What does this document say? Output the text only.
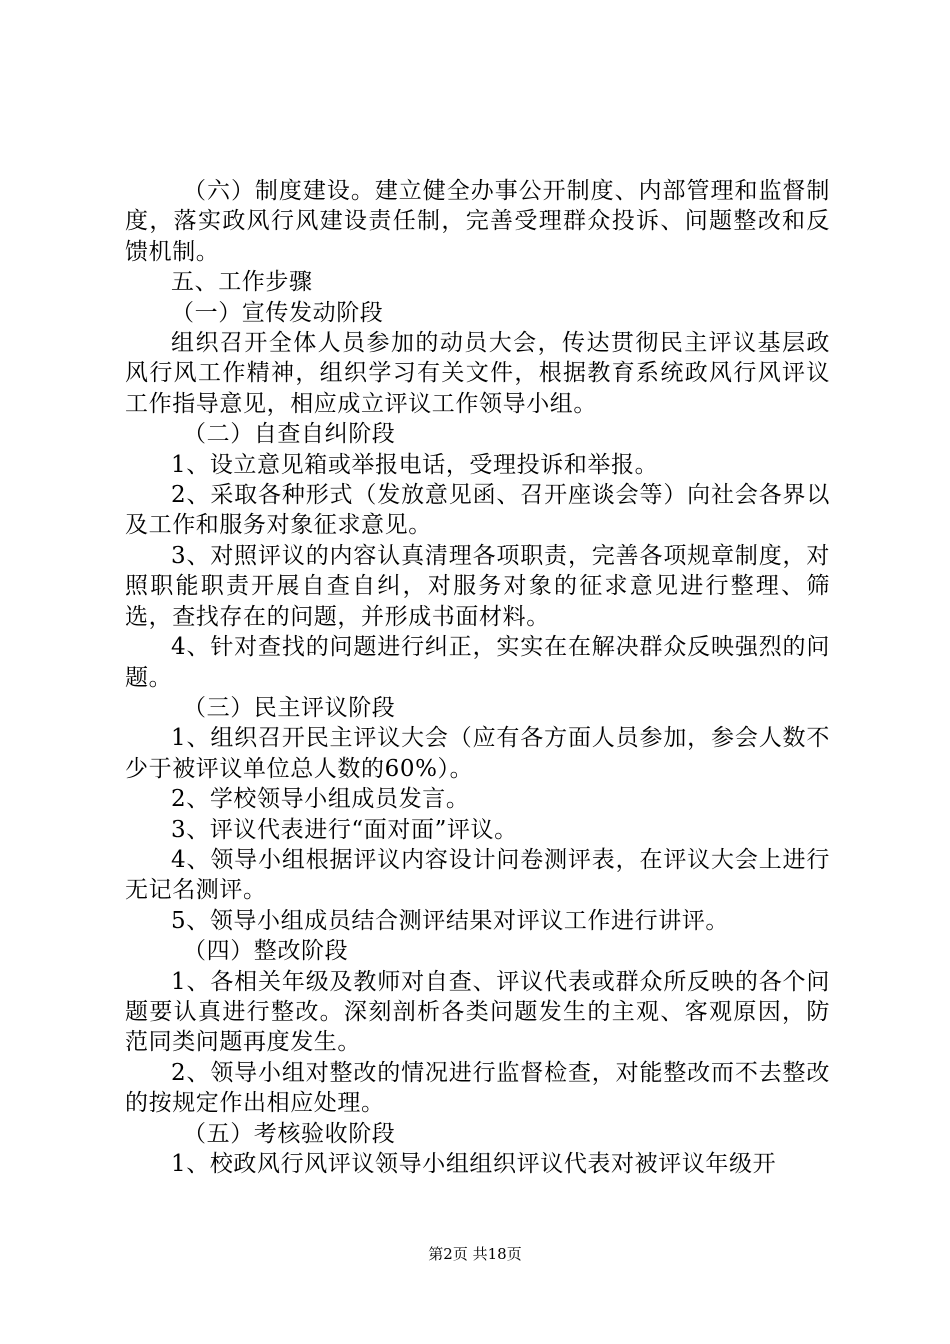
（六）制度建设。建立健全办事公开制度、内部管理和监督制度，落实政风行风建设责任制，完善受理群众投诉、问题整改和反馈机制。

五、工作步骤

（一）宣传发动阶段

组织召开全体人员参加的动员大会，传达贯彻民主评议基层政风行风工作精神，组织学习有关文件，根据教育系统政风行风评议工作指导意见，相应成立评议工作领导小组。

（二）自查自纠阶段

1、设立意见箱或举报电话，受理投诉和举报。

2、采取各种形式（发放意见函、召开座谈会等）向社会各界以及工作和服务对象征求意见。

3、对照评议的内容认真清理各项职责，完善各项规章制度，对照职能职责开展自查自纠，对服务对象的征求意见进行整理、筛选，查找存在的问题，并形成书面材料。

4、针对查找的问题进行纠正，实实在在解决群众反映强烈的问题。

（三）民主评议阶段

1、组织召开民主评议大会（应有各方面人员参加，参会人数不少于被评议单位总人数的60%）。

2、学校领导小组成员发言。

3、评议代表进行“面对面”评议。

4、领导小组根据评议内容设计问卷测评表，在评议大会上进行无记名测评。

5、领导小组成员结合测评结果对评议工作进行讲评。

（四）整改阶段

1、各相关年级及教师对自查、评议代表或群众所反映的各个问题要认真进行整改。深刻剖析各类问题发生的主观、客观原因，防范同类问题再度发生。

2、领导小组对整改的情况进行监督检查，对能整改而不去整改的按规定作出相应处理。

（五）考核验收阶段

1、校政风行风评议领导小组组织评议代表对被评议年级开

第2页 共18页
